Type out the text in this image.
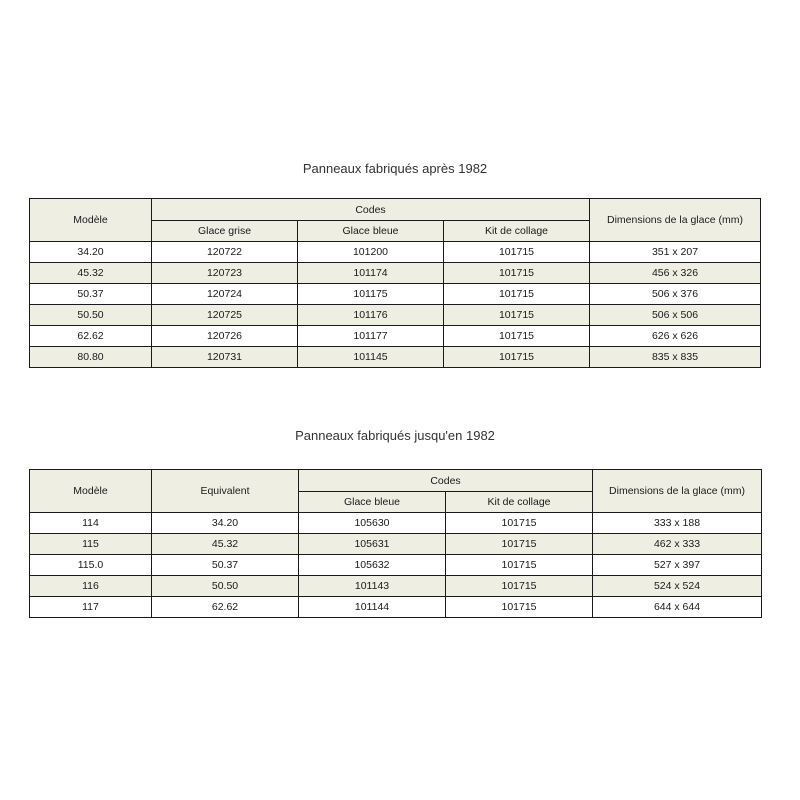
Panneaux fabriqués après 1982
Modèle	Codes			Dimensions de la glace (mm)
	Glace grise	Glace bleue	Kit de collage	
34.20	120722	101200	101715	351 x 207
45.32	120723	101174	101715	456 x 326
50.37	120724	101175	101715	506 x 376
50.50	120725	101176	101715	506 x 506
62.62	120726	101177	101715	626 x 626
80.80	120731	101145	101715	835 x 835
Panneaux fabriqués jusqu'en 1982
Modèle	Equivalent	Codes		Dimensions de la glace (mm)
		Glace bleue	Kit de collage	
114	34.20	105630	101715	333 x 188
115	45.32	105631	101715	462 x 333
115.0	50.37	105632	101715	527 x 397
116	50.50	101143	101715	524 x 524
117	62.62	101144	101715	644 x 644
